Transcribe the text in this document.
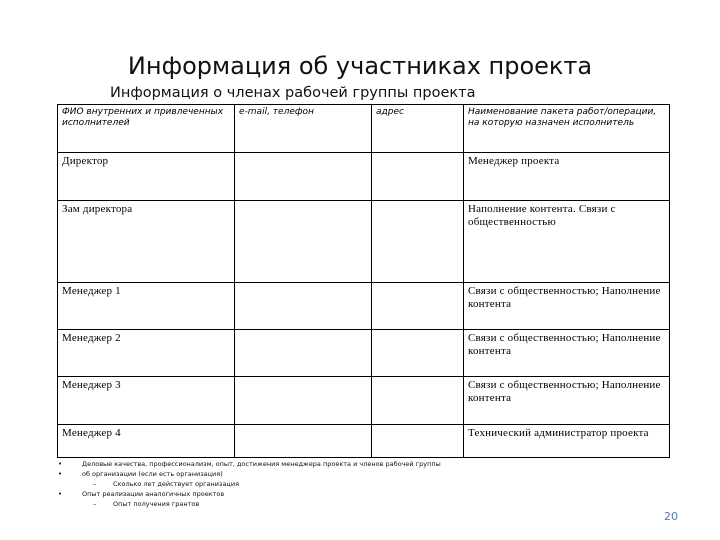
Информация об участниках проекта
Информация о членах рабочей группы проекта
ФИО внутренних и привлеченных исполнителей	e-mail, телефон	адрес	Наименование пакета работ/операции, на которую назначен исполнитель
Директор			Менеджер проекта
Зам директора			Наполнение контента. Связи с общественностью
Менеджер 1			Связи с общественностью; Наполнение контента
Менеджер 2			Связи с общественностью; Наполнение контента
Менеджер 3			Связи с общественностью; Наполнение контента
Менеджер 4			Технический администратор проекта
• Деловые качества, профессионализм, опыт, достижения менеджера проекта и членов рабочей группы
• об организации (если есть организация)
– Сколько лет действует организация
• Опыт реализации аналогичных проектов
– Опыт получения грантов
20
